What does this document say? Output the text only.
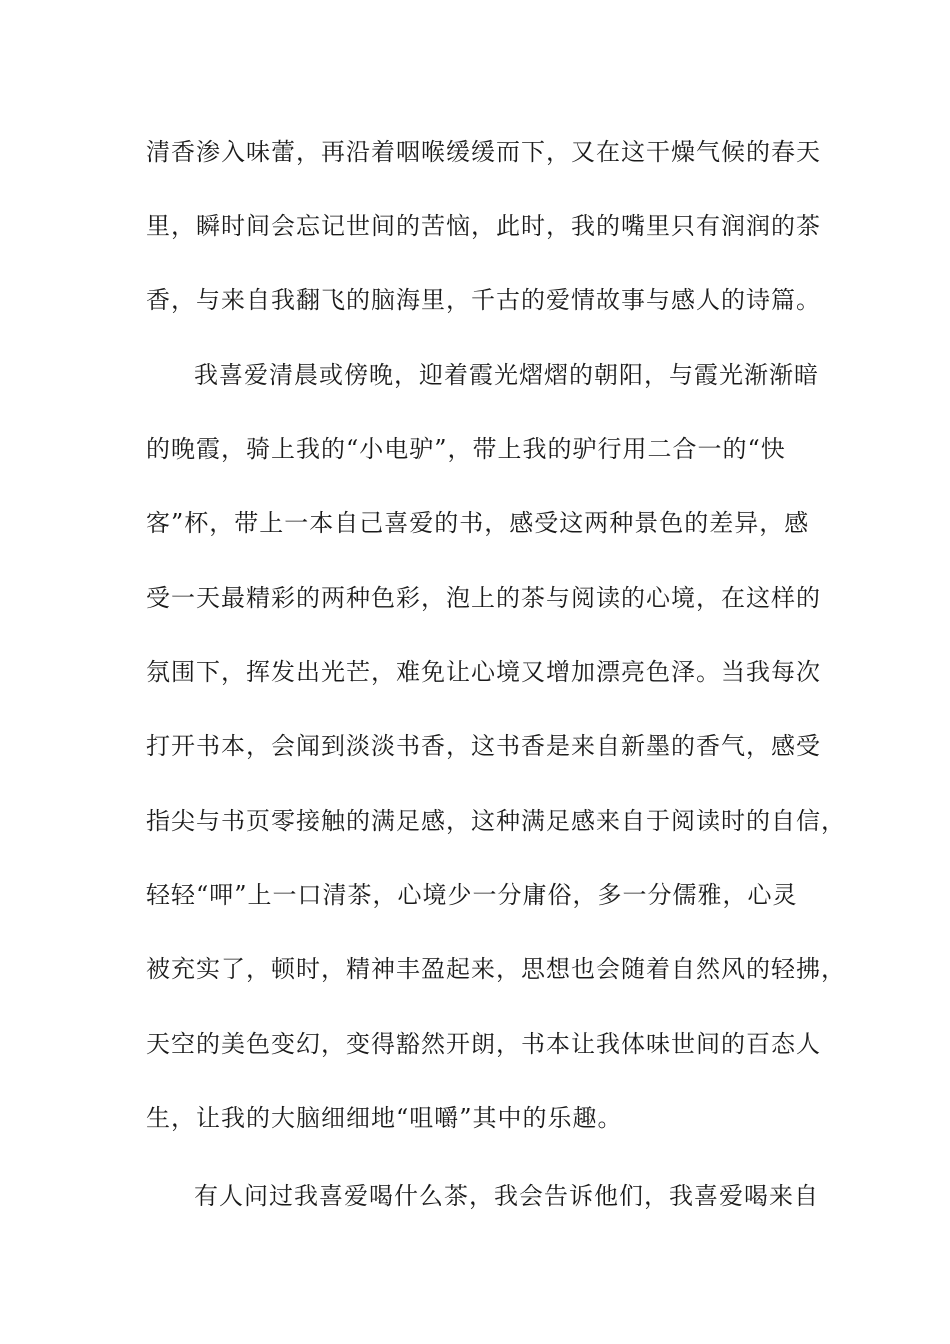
清香渗入味蕾，再沿着咽喉缓缓而下，又在这干燥气候的春天
里，瞬时间会忘记世间的苦恼，此时，我的嘴里只有润润的茶
香，与来自我翻飞的脑海里，千古的爱情故事与感人的诗篇。
我喜爱清晨或傍晚，迎着霞光熠熠的朝阳，与霞光渐渐暗
的晚霞，骑上我的“小电驴”，带上我的驴行用二合一的“快
客”杯，带上一本自己喜爱的书，感受这两种景色的差异，感
受一天最精彩的两种色彩，泡上的茶与阅读的心境，在这样的
氛围下，挥发出光芒，难免让心境又增加漂亮色泽。当我每次
打开书本，会闻到淡淡书香，这书香是来自新墨的香气，感受
指尖与书页零接触的满足感，这种满足感来自于阅读时的自信，
轻轻“呷”上一口清茶，心境少一分庸俗，多一分儒雅，心灵
被充实了，顿时，精神丰盈起来，思想也会随着自然风的轻拂，
天空的美色变幻，变得豁然开朗，书本让我体味世间的百态人
生，让我的大脑细细地“咀嚼”其中的乐趣。
有人问过我喜爱喝什么茶，我会告诉他们，我喜爱喝来自
